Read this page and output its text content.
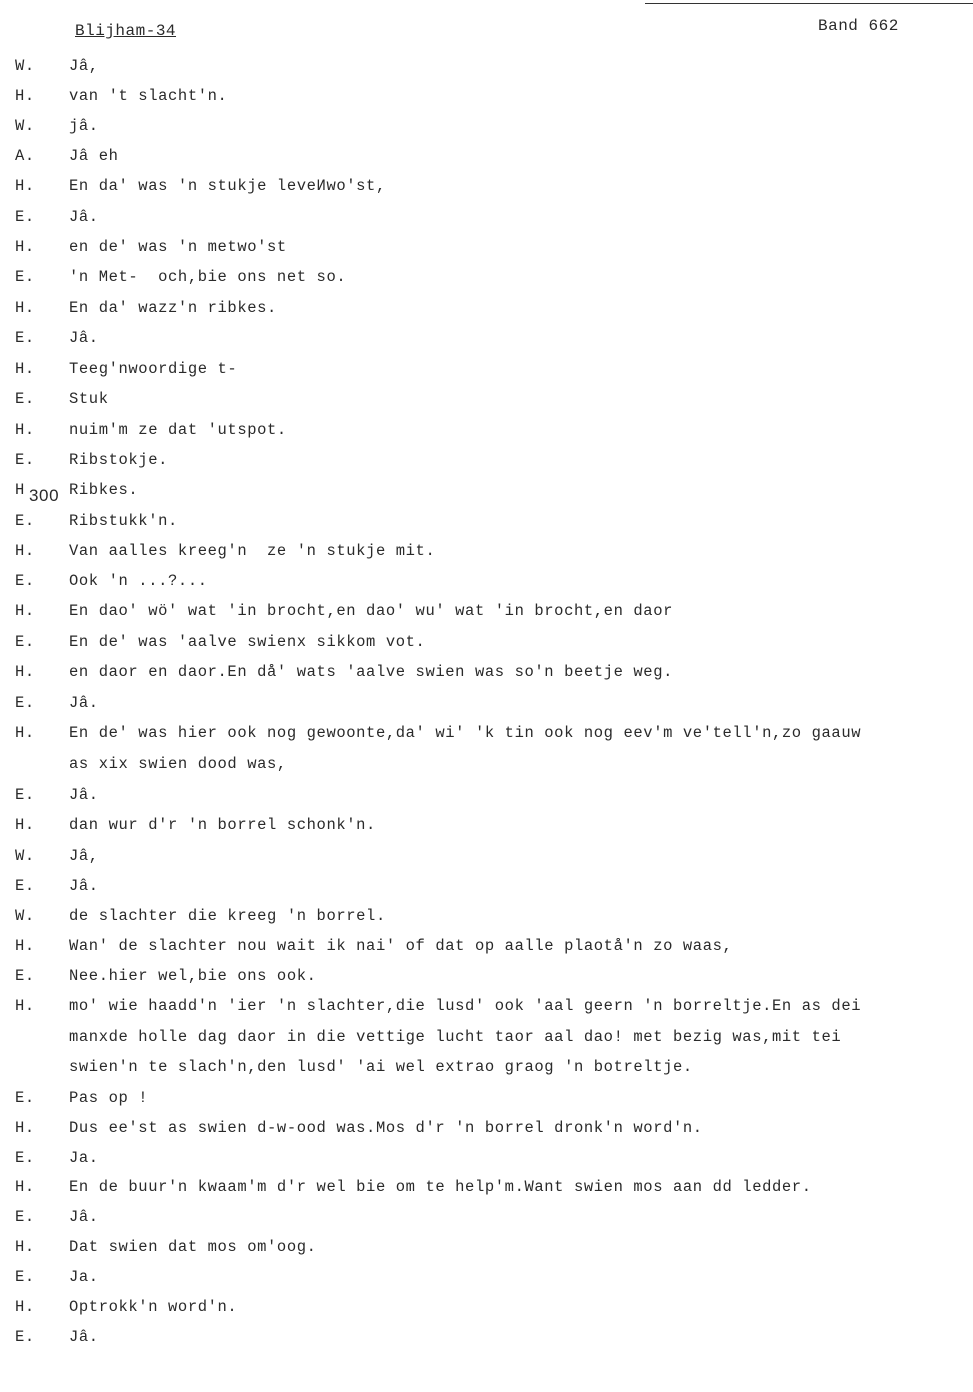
Blijham-34	Band 662
W. Jâ,
H. van 't slacht'n.
W. jâ.
A. Jâ eh
H. En da' was 'n stukje leveИwo'st,
E. Jâ.
H. en de' was 'n metwo'st
E. 'n Met-  och,bie ons net so.
H. En da' wazz'n ribkes.
E. Jâ.
H. Teeg'nwoordige t-
E. Stuk
H. nuim'm ze dat 'utspot.
E. Ribstokje.
H 300 Ribkes.
E. Ribstukk'n.
H. Van aalles kreeg'n  ze 'n stukje mit.
E. Ook 'n ...?...
H. En dao' wö' wat 'in brocht,en dao' wu' wat 'in brocht,en daor
E. En de' was 'aalve swienx sikkom vot.
H. en daor en daor.En då' wats 'aalve swien was so'n beetje weg.
E. Jâ.
H. En de' was hier ook nog gewoonte,da' wi' 'k tin ook nog eev'm ve'tell'n,zo gaauw
as xix swien dood was,
E. Jâ.
H. dan wur d'r 'n borrel schonk'n.
W. Jâ,
E. Jâ.
W. de slachter die kreeg 'n borrel.
H. Wan' de slachter nou wait ik nai' of dat op aalle plaotå'n zo waas,
E. Nee.hier wel,bie ons ook.
H. mo' wie haadd'n 'ier 'n slachter,die lusd' ook 'aal geern 'n borreltje.En as dei
manxde holle dag daor in die vettige lucht taor aal dao! met bezig was,mit tei
swien'n te slach'n,den lusd' 'ai wel extrao graog 'n botreltje.
E. Pas op !
H. Dus ee'st as swien d-w-ood was.Mos d'r 'n borrel dronk'n word'n.
E. Ja.
H. En de buur'n kwaam'm d'r wel bie om te help'm.Want swien mos aan dd ledder.
E. Jâ.
H. Dat swien dat mos om'oog.
E. Ja.
H. Optrokk'n word'n.
E. Jâ.
